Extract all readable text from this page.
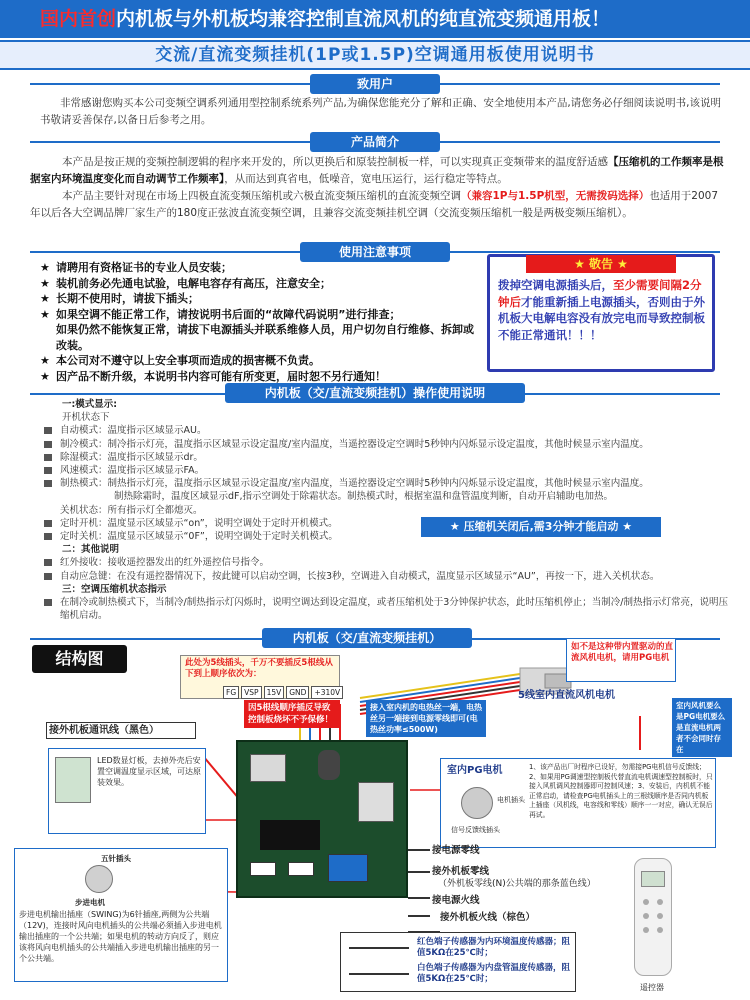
国内首创内机板与外机板均兼容控制直流风机的纯直流变频通用板！
交流/直流变频挂机(1P或1.5P)空调通用板使用说明书
致用户
非常感谢您购买本公司变频空调系列通用型控制系统系列产品,为确保您能充分了解和正确、安全地使用本产品,请您务必仔细阅读说明书,该说明书敬请妥善保存,以备日后参考之用。
产品简介
本产品是按正规的变频控制逻辑的程序来开发的，所以更换后和原装控制板一样，可以实现真正变频带来的温度舒适感【压缩机的工作频率是根据室内环境温度变化而自动调节工作频率】，从而达到真省电，低噪音，宽电压运行，运行稳定等特点。
本产品主要针对现在市场上四极直流变频压缩机或六极直流变频压缩机的直流变频空调（兼容1P与1.5P机型，无需拨码选择）也适用于2007年以后各大空调品牌厂家生产的180度正弦波直流变频空调，且兼容交流变频挂机空调（交流变频压缩机一般是两极变频压缩机）。
使用注意事项
★ 请聘用有资格证书的专业人员安装；
★ 装机前务必先通电试验，电解电容存有高压，注意安全；
★ 长期不使用时，请拔下插头；
★ 如果空调不能正常工作，请按说明书后面的“故障代码说明”进行排查；
如果仍然不能恢复正常，请拔下电源插头并联系维修人员，用户切勿自行维修、拆卸或改装。
★ 本公司对不遵守以上安全事项而造成的损害概不负责。
★ 因产品不断升级，本说明书内容可能有所变更，届时恕不另行通知！
★ 敬告 ★
拨掉空调电源插头后，至少需要间隔2分钟后才能重新插上电源插头，否则由于外机板大电解电容没有放完电而导致控制板不能正常通讯！！！
内机板（交/直流变频挂机）操作使用说明
一:模式显示:
开机状态下
自动模式：温度指示区域显示AU。
制冷模式：制冷指示灯亮，温度指示区域显示设定温度/室内温度，当遥控器设定空调时5秒钟内闪烁显示设定温度，其他时候显示室内温度。
除湿模式：温度指示区域显示dr。
风速模式：温度指示区域显示FA。
制热模式：制热指示灯亮，温度指示区域显示设定温度/室内温度，当遥控器设定空调时5秒钟内闪烁显示设定温度，其他时候显示室内温度。
制热除霜时，温度区域显示dF,指示空调处于除霜状态。制热模式时，根据室温和盘管温度判断，自动开启辅助电加热。
关机状态：所有指示灯全都熄灭。
定时开机：温度显示区域显示“on”，说明空调处于定时开机模式。
定时关机：温度显示区域显示“0F”，说明空调处于定时关机模式。
二：其他说明
红外接收：接收遥控器发出的红外遥控信号指令。
自动应急键：在没有遥控器情况下，按此键可以启动空调，长按3秒，空调进入自动模式，温度显示区域显示“AU”，再按一下，进入关机状态。
三：空调压缩机状态指示
在制冷或制热模式下，当制冷/制热指示灯闪烁时，说明空调达到设定温度，或者压缩机处于3分钟保护状态，此时压缩机停止；当制冷/制热指示灯常亮，说明压缩机启动。
★ 压缩机关闭后,需3分钟才能启动 ★
结构图
内机板（交/直流变频挂机）
此处为5线插头，千万不要插反5根线从下到上顺序依次为：
FG	VSP	15V	GND	+310V
因5根线顺序插反导致控制板烧坏不予保修！
接入室内机的电热丝一端，电热丝另一端接到电源零线即可(电热丝功率≤500W)
如不是这种带内置驱动的直流风机电机，请用PG电机
5线室内直流风机电机
室内风机要么是PG电机要么是直流电机两者不会同时存在
接外机板通讯线（黑色）
LED数显灯板，去掉外壳后安置空调温度显示区域，可达原装效果。
室内PG电机
电机插头
信号反馈线插头
1、该产品出厂时程序已设好，勿需接PG电机信号反馈线；2、如果用PG调速型控制板代替直流电机调速型控制板时，只接入风机调风控制器即可控制风速；3、安装后，内机机不能正常启动，请检查PG电机插头上的三根线顺序是否同内机板上插座（风机线，电容线和零线）顺序一一对应，确认无误后再试。
接电源零线
接外机板零线
（外机板零线(N)公共端的那条蓝色线）
接电源火线
接外机板火线（棕色）
五针插头
步进电机
步进电机输出插座（SWING)为6针插座,两侧为公共端（12V)，连接时风向电机插头的公共端必须插入步进电机输出插座的一个公共端；如果电机的转动方向反了，则应该将风向电机插头的公共端插入步进电机输出插座的另一个公共端。
红色端子传感器为内环境温度传感器；阻值5KΩ在25℃时；
白色端子传感器为内盘管温度传感器，阻值5KΩ在25℃时；
遥控器
